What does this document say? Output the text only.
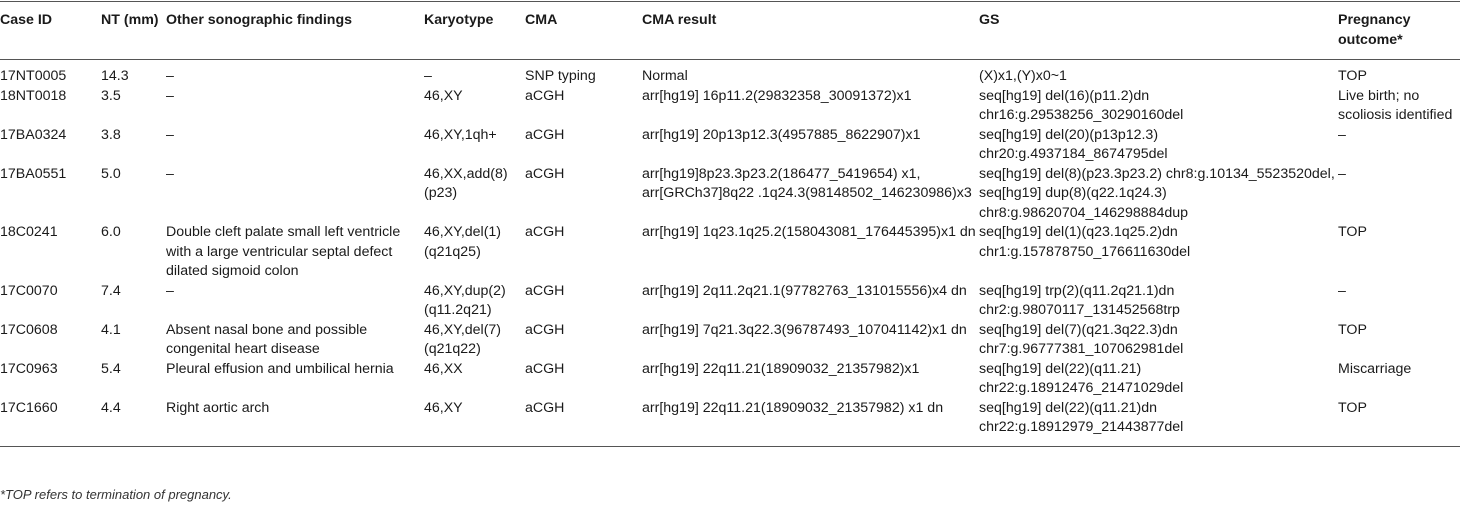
Case ID	NT (mm)	Other sonographic findings	Karyotype	CMA	CMA result	GS	Pregnancy outcome*
17NT0005	14.3	–	–	SNP typing	Normal	(X)x1,(Y)x0~1	TOP
18NT0018	3.5	–	46,XY	aCGH	arr[hg19] 16p11.2(29832358_30091372)x1	seq[hg19] del(16)(p11.2)dn chr16:g.29538256_30290160del	Live birth; no scoliosis identified
17BA0324	3.8	–	46,XY,1qh+	aCGH	arr[hg19] 20p13p12.3(4957885_8622907)x1	seq[hg19] del(20)(p13p12.3) chr20:g.4937184_8674795del	–
17BA0551	5.0	–	46,XX,add(8)(p23)	aCGH	arr[hg19]8p23.3p23.2(186477_5419654) x1, arr[GRCh37]8q22 .1q24.3(98148502_146230986)x3	seq[hg19] del(8)(p23.3p23.2) chr8:g.10134_5523520del, seq[hg19] dup(8)(q22.1q24.3) chr8:g.98620704_146298884dup	–
18C0241	6.0	Double cleft palate small left ventricle with a large ventricular septal defect dilated sigmoid colon	46,XY,del(1)(q21q25)	aCGH	arr[hg19] 1q23.1q25.2(158043081_176445395)x1 dn	seq[hg19] del(1)(q23.1q25.2)dn chr1:g.157878750_176611630del	TOP
17C0070	7.4	–	46,XY,dup(2)(q11.2q21)	aCGH	arr[hg19] 2q11.2q21.1(97782763_131015556)x4 dn	seq[hg19] trp(2)(q11.2q21.1)dn chr2:g.98070117_131452568trp	–
17C0608	4.1	Absent nasal bone and possible congenital heart disease	46,XY,del(7)(q21q22)	aCGH	arr[hg19] 7q21.3q22.3(96787493_107041142)x1 dn	seq[hg19] del(7)(q21.3q22.3)dn chr7:g.96777381_107062981del	TOP
17C0963	5.4	Pleural effusion and umbilical hernia	46,XX	aCGH	arr[hg19] 22q11.21(18909032_21357982)x1	seq[hg19] del(22)(q11.21) chr22:g.18912476_21471029del	Miscarriage
17C1660	4.4	Right aortic arch	46,XY	aCGH	arr[hg19] 22q11.21(18909032_21357982) x1 dn	seq[hg19] del(22)(q11.21)dn chr22:g.18912979_21443877del	TOP
*TOP refers to termination of pregnancy.
